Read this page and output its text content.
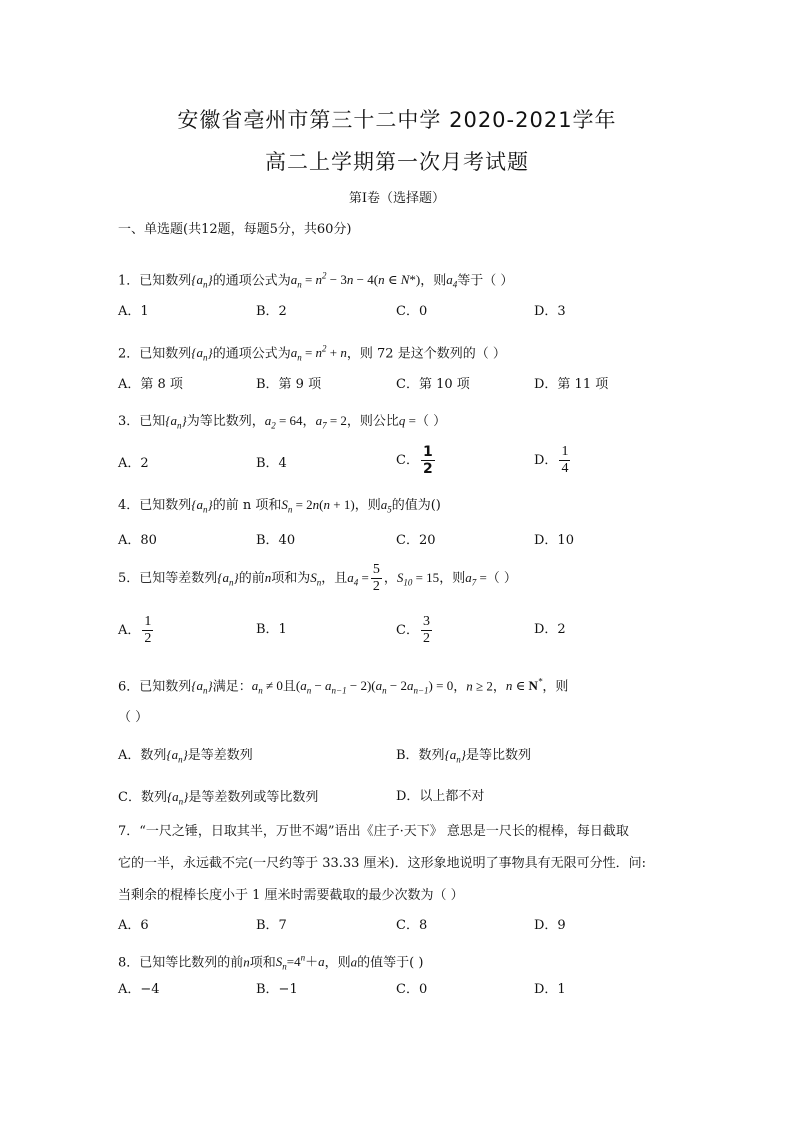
安徽省亳州市第三十二中学 2020-2021学年
高二上学期第一次月考试题
第Ⅰ卷（选择题）
一、单选题(共12题，每题5分，共60分)
1．已知数列$\{a_n\}$的通项公式为$a_n = n^2 - 3n - 4(n$ ∈ N*)，则$a_4$等于（ ）
A．1	B．2	C．0	D．3
2．已知数列$\{a_n\}$的通项公式为$a_n = n^2 + n$，则 72 是这个数列的（ ）
A．第 8 项	B．第 9 项	C．第 10 项	D．第 11 项
3．已知$\{a_n\}$为等比数列，$a_2 = 64$，$a_7 = 2$，则公比q =（ ）
A．2	B．4	C． $\frac{1}{2}$	D． $\frac{1}{4}$
4．已知数列$\{a_n\}$的前 n 项和$S_n = 2n(n + 1)$，则$a_5$的值为()
A．80	B．40	C．20	D．10
5．已知等差数列$\{a_n\}$的前n项和为$S_n$，且$a_4 = \frac{5}{2}$ ，$S_{10} = 15$，则$a_7$ =（ ）
A． $\frac{1}{2}$	B．1	C． $\frac{3}{2}$	D．2
6．已知数列$\{a_n\}$满足：$a_n \ne 0$且$(a_n - a_{n-1} - 2)(a_n - 2a_{n-1}) = 0$，n ≥ 2，n ∈ N*，则
（ ）
A．数列$\{a_n\}$是等差数列	B．数列$\{a_n\}$是等比数列
C．数列$\{a_n\}$是等差数列或等比数列	D．以上都不对
7．“一尺之锤，日取其半，万世不竭”语出《庄子·天下》 意思是一尺长的棍棒，每日截取
它的一半，永远截不完(一尺约等于 33.33 厘米)．这形象地说明了事物具有无限可分性．问:
当剩余的棍棒长度小于 1 厘米时需要截取的最少次数为（ ）
A．6	B．7	C．8	D．9
8．已知等比数列的前n项和$S_n=4^n+a$，则a的值等于( )
A．−4	B．−1	C．0	D．1
